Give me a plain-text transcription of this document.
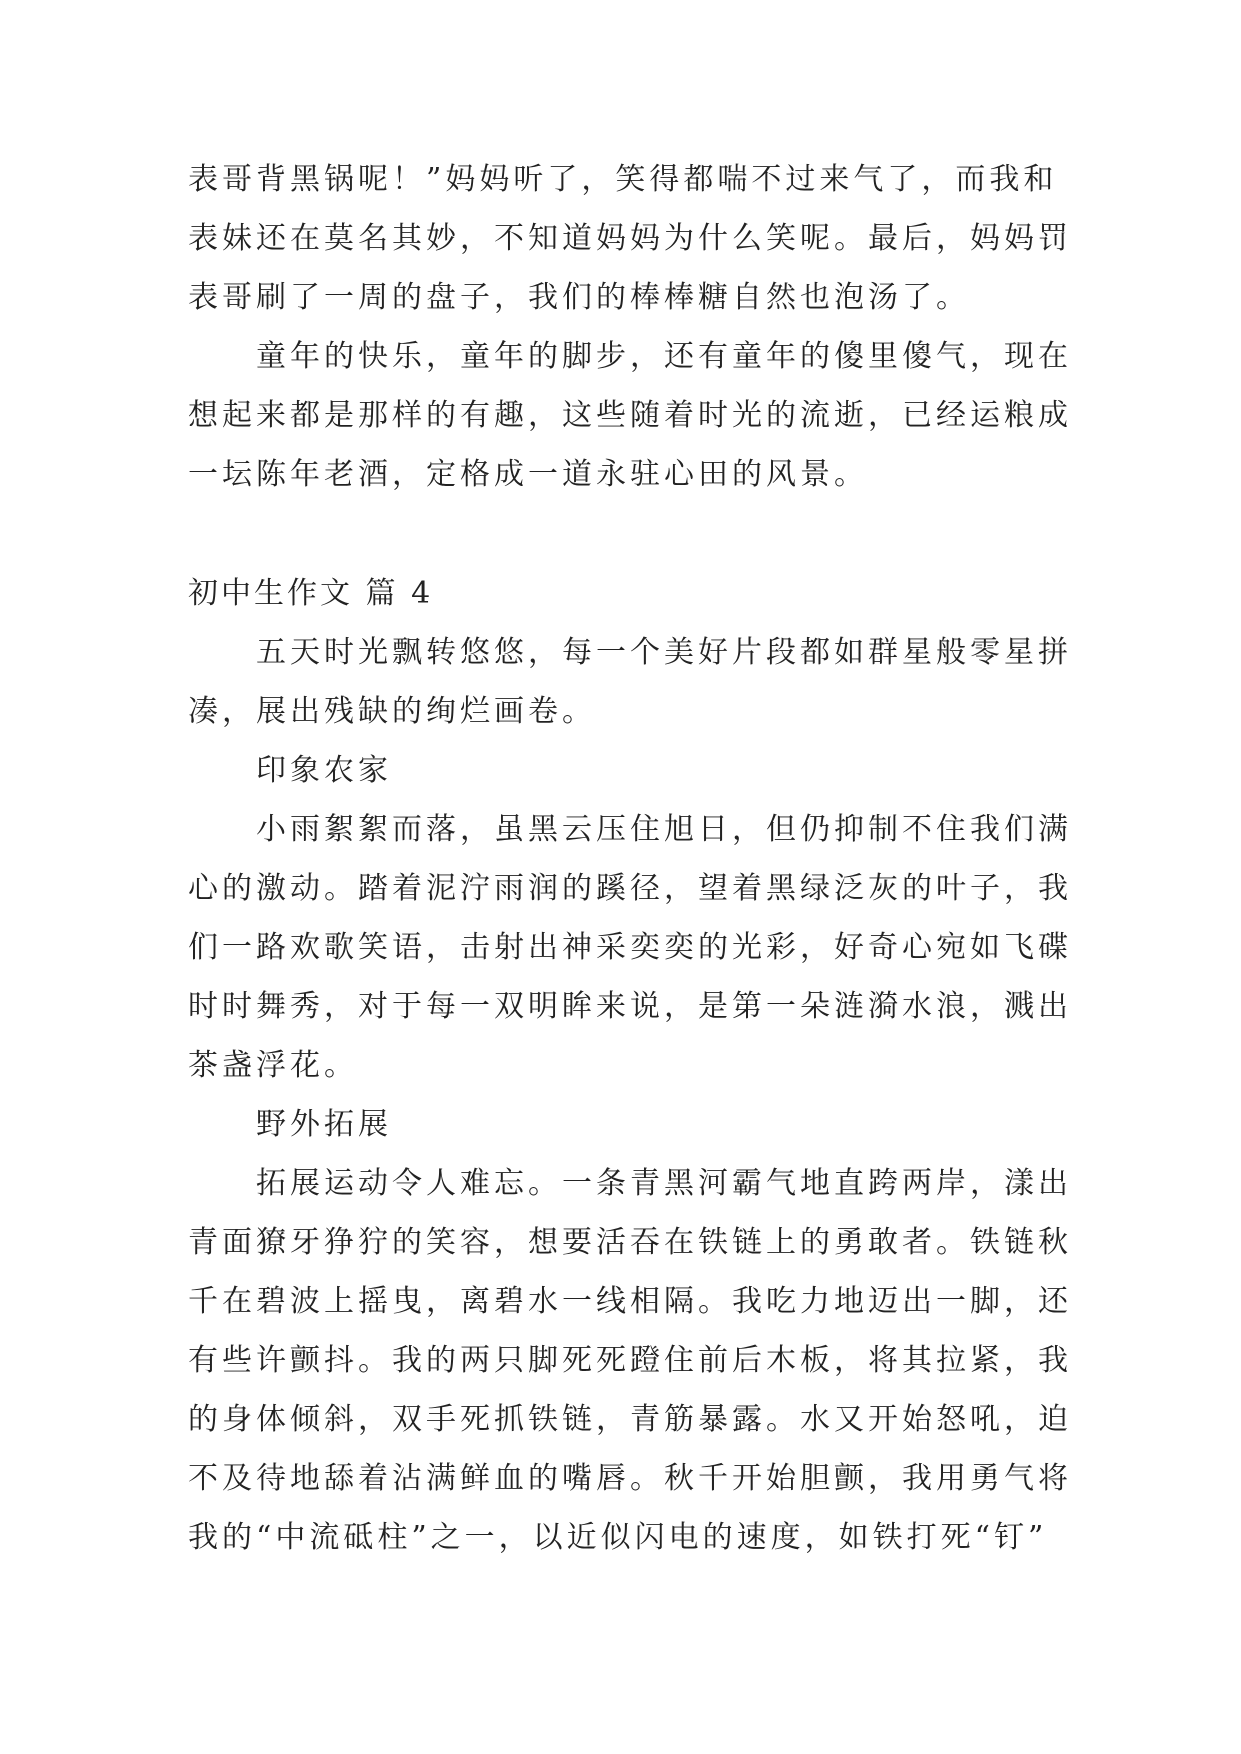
表哥背黑锅呢！”妈妈听了，笑得都喘不过来气了，而我和
表妹还在莫名其妙，不知道妈妈为什么笑呢。最后，妈妈罚
表哥刷了一周的盘子，我们的棒棒糖自然也泡汤了。
童年的快乐，童年的脚步，还有童年的傻里傻气，现在
想起来都是那样的有趣，这些随着时光的流逝，已经运粮成
一坛陈年老酒，定格成一道永驻心田的风景。
初中生作文 篇 4
五天时光飘转悠悠，每一个美好片段都如群星般零星拼
凑，展出残缺的绚烂画卷。
印象农家
小雨絮絮而落，虽黑云压住旭日，但仍抑制不住我们满
心的激动。踏着泥泞雨润的蹊径，望着黑绿泛灰的叶子，我
们一路欢歌笑语，击射出神采奕奕的光彩，好奇心宛如飞碟
时时舞秀，对于每一双明眸来说，是第一朵涟漪水浪，溅出
茶盏浮花。
野外拓展
拓展运动令人难忘。一条青黑河霸气地直跨两岸，漾出
青面獠牙狰狞的笑容，想要活吞在铁链上的勇敢者。铁链秋
千在碧波上摇曳，离碧水一线相隔。我吃力地迈出一脚，还
有些许颤抖。我的两只脚死死蹬住前后木板，将其拉紧，我
的身体倾斜，双手死抓铁链，青筋暴露。水又开始怒吼，迫
不及待地舔着沾满鲜血的嘴唇。秋千开始胆颤，我用勇气将
我的“中流砥柱”之一，以近似闪电的速度，如铁打死“钉”
